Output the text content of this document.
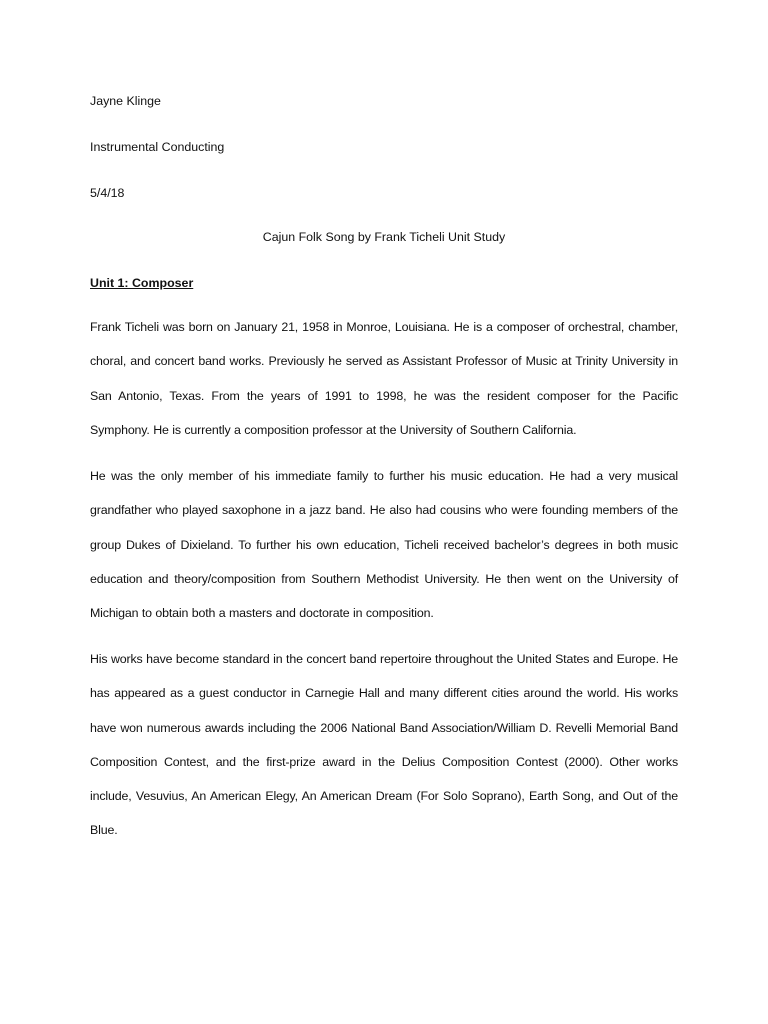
Jayne Klinge
Instrumental Conducting
5/4/18
Cajun Folk Song by Frank Ticheli Unit Study
Unit 1: Composer
Frank Ticheli was born on January 21, 1958 in Monroe, Louisiana. He is a composer of orchestral, chamber, choral, and concert band works. Previously he served as Assistant Professor of Music at Trinity University in San Antonio, Texas. From the years of 1991 to 1998, he was the resident composer for the Pacific Symphony. He is currently a composition professor at the University of Southern California.
He was the only member of his immediate family to further his music education. He had a very musical grandfather who played saxophone in a jazz band. He also had cousins who were founding members of the group Dukes of Dixieland. To further his own education, Ticheli received bachelor’s degrees in both music education and theory/composition from Southern Methodist University. He then went on the University of Michigan to obtain both a masters and doctorate in composition.
His works have become standard in the concert band repertoire throughout the United States and Europe. He has appeared as a guest conductor in Carnegie Hall and many different cities around the world. His works have won numerous awards including the 2006 National Band Association/William D. Revelli Memorial Band Composition Contest, and the first-prize award in the Delius Composition Contest (2000). Other works include, Vesuvius, An American Elegy, An American Dream (For Solo Soprano), Earth Song, and Out of the Blue.
